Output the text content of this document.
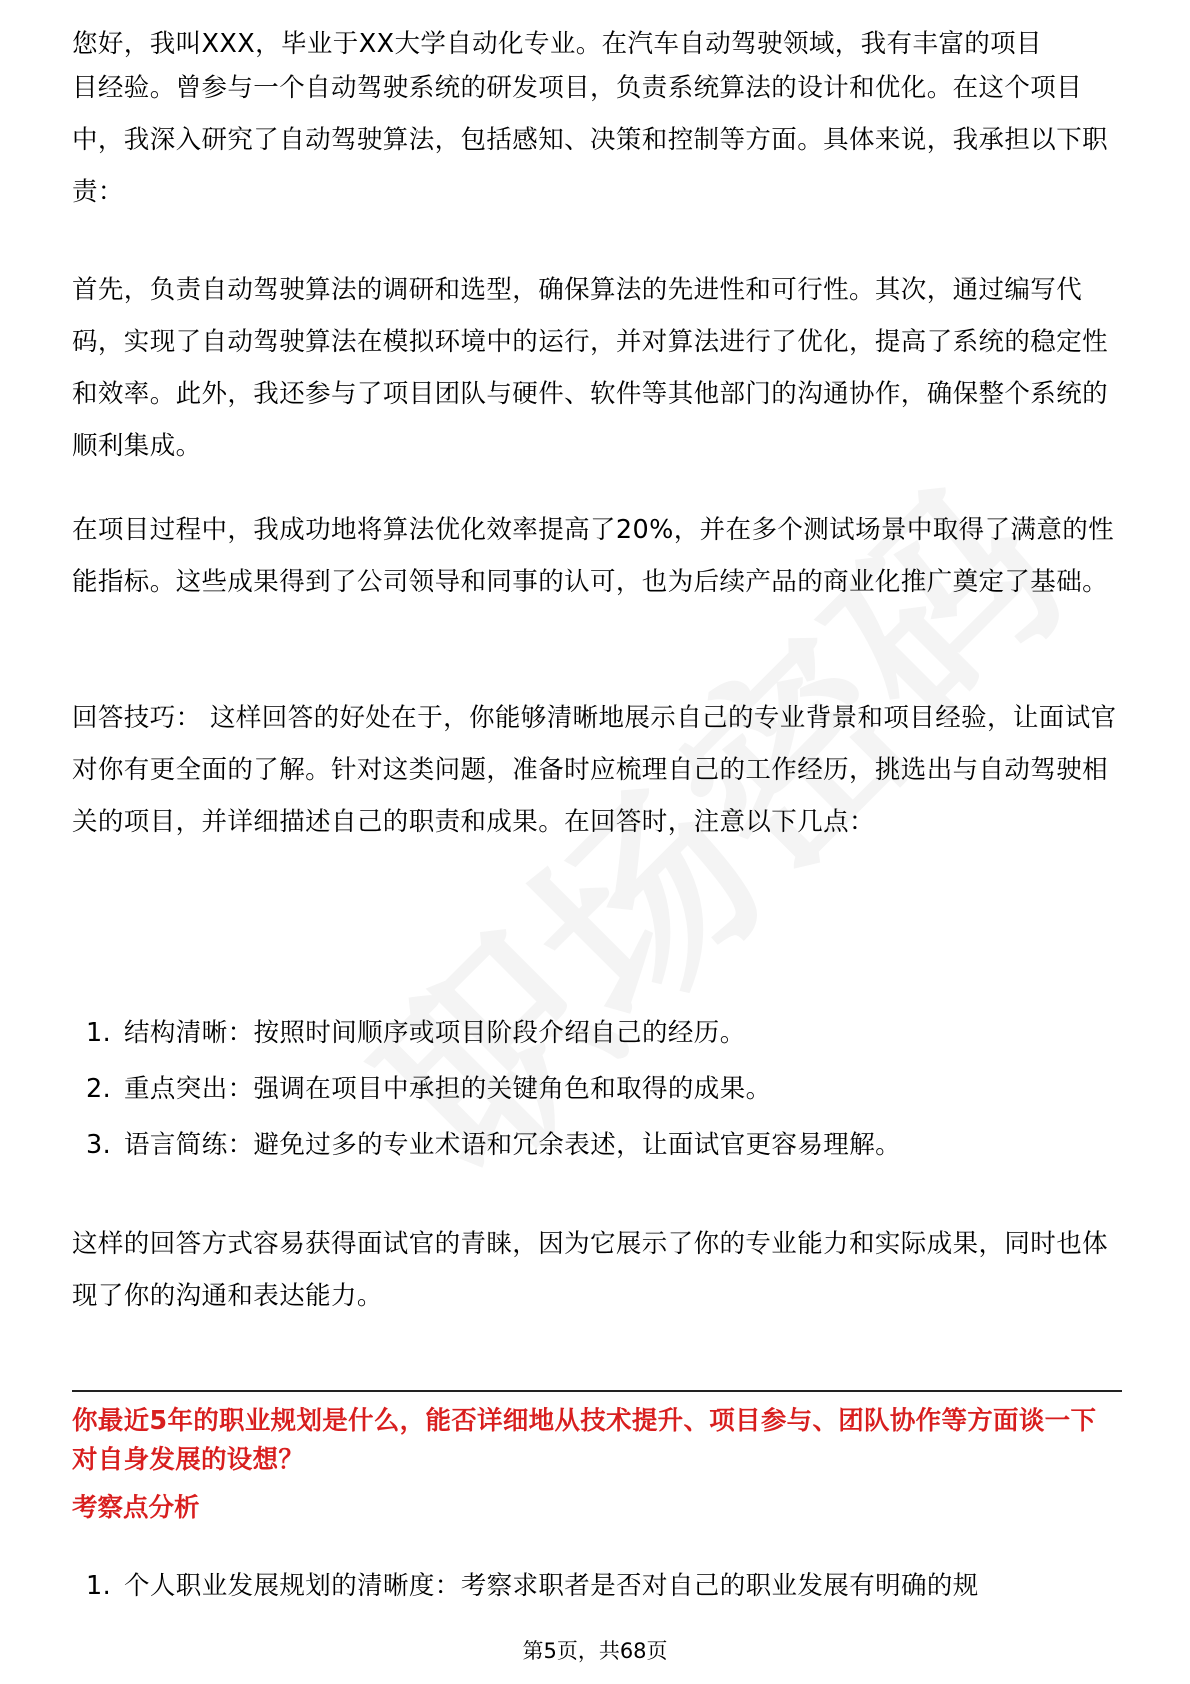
您好，我叫XXX，毕业于XX大学自动化专业。在汽车自动驾驶领域，我有丰富的项目

目经验。曾参与一个自动驾驶系统的研发项目，负责系统算法的设计和优化。在这个项目中，我深入研究了自动驾驶算法，包括感知、决策和控制等方面。具体来说，我承担以下职责：

首先，负责自动驾驶算法的调研和选型，确保算法的先进性和可行性。其次，通过编写代码，实现了自动驾驶算法在模拟环境中的运行，并对算法进行了优化，提高了系统的稳定性和效率。此外，我还参与了项目团队与硬件、软件等其他部门的沟通协作，确保整个系统的顺利集成。

在项目过程中，我成功地将算法优化效率提高了20%，并在多个测试场景中取得了满意的性能指标。这些成果得到了公司领导和同事的认可，也为后续产品的商业化推广奠定了基础。

回答技巧： 这样回答的好处在于，你能够清晰地展示自己的专业背景和项目经验，让面试官对你有更全面的了解。针对这类问题，准备时应梳理自己的工作经历，挑选出与自动驾驶相关的项目，并详细描述自己的职责和成果。在回答时，注意以下几点：

1. 结构清晰：按照时间顺序或项目阶段介绍自己的经历。
2. 重点突出：强调在项目中承担的关键角色和取得的成果。
3. 语言简练：避免过多的专业术语和冗余表述，让面试官更容易理解。

这样的回答方式容易获得面试官的青睐，因为它展示了你的专业能力和实际成果，同时也体现了你的沟通和表达能力。

你最近5年的职业规划是什么，能否详细地从技术提升、项目参与、团队协作等方面谈一下对自身发展的设想？
考察点分析
1. 个人职业发展规划的清晰度：考察求职者是否对自己的职业发展有明确的规
第5页，共68页
